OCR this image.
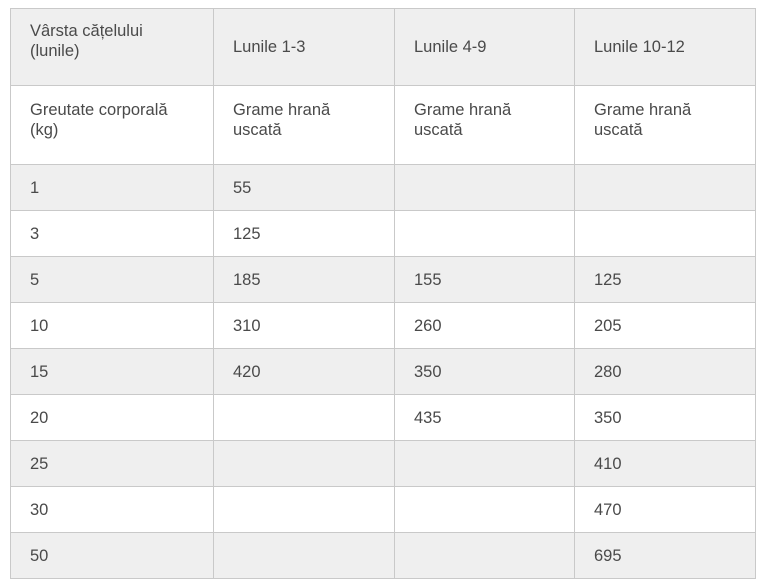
Vârsta cățelului (lunile)	Lunile 1-3	Lunile 4-9	Lunile 10-12
Greutate corporală (kg)	Grame hrană uscată	Grame hrană uscată	Grame hrană uscată
1	55		
3	125		
5	185	155	125
10	310	260	205
15	420	350	280
20		435	350
25			410
30			470
50			695
